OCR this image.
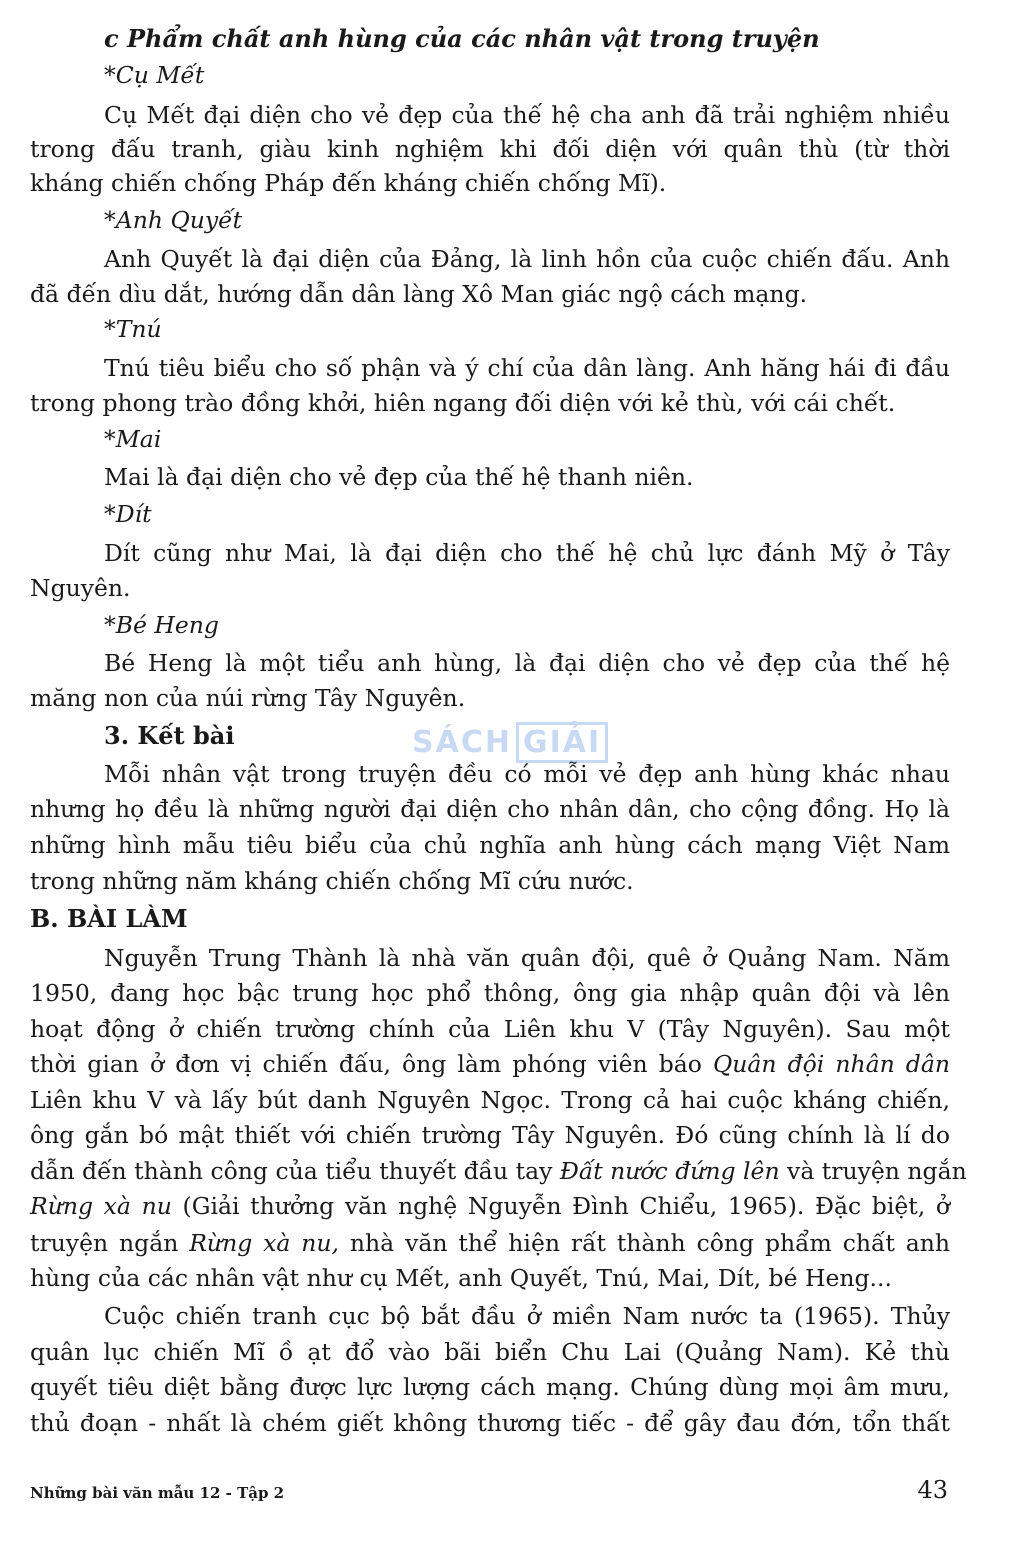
c Phẩm chất anh hùng của các nhân vật trong truyện
*Cụ Mết
Cụ Mết đại diện cho vẻ đẹp của thế hệ cha anh đã trải nghiệm nhiều
trong đấu tranh, giàu kinh nghiệm khi đối diện với quân thù (từ thời
kháng chiến chống Pháp đến kháng chiến chống Mĩ).
*Anh Quyết
Anh Quyết là đại diện của Đảng, là linh hồn của cuộc chiến đấu. Anh
đã đến dìu dắt, hướng dẫn dân làng Xô Man giác ngộ cách mạng.
*Tnú
Tnú tiêu biểu cho số phận và ý chí của dân làng. Anh hăng hái đi đầu
trong phong trào đồng khởi, hiên ngang đối diện với kẻ thù, với cái chết.
*Mai
Mai là đại diện cho vẻ đẹp của thế hệ thanh niên.
*Dít
Dít cũng như Mai, là đại diện cho thế hệ chủ lực đánh Mỹ ở Tây
Nguyên.
*Bé Heng
Bé Heng là một tiểu anh hùng, là đại diện cho vẻ đẹp của thế hệ
măng non của núi rừng Tây Nguyên.
3. Kết bài
Mỗi nhân vật trong truyện đều có mỗi vẻ đẹp anh hùng khác nhau
nhưng họ đều là những người đại diện cho nhân dân, cho cộng đồng. Họ là
những hình mẫu tiêu biểu của chủ nghĩa anh hùng cách mạng Việt Nam
trong những năm kháng chiến chống Mĩ cứu nước.
SÁCH GIẢI
B. BÀI LÀM
Nguyễn Trung Thành là nhà văn quân đội, quê ở Quảng Nam. Năm
1950, đang học bậc trung học phổ thông, ông gia nhập quân đội và lên
hoạt động ở chiến trường chính của Liên khu V (Tây Nguyên). Sau một
thời gian ở đơn vị chiến đấu, ông làm phóng viên báo Quân đội nhân dân
Liên khu V và lấy bút danh Nguyên Ngọc. Trong cả hai cuộc kháng chiến,
ông gắn bó mật thiết với chiến trường Tây Nguyên. Đó cũng chính là lí do
dẫn đến thành công của tiểu thuyết đầu tay Đất nước đứng lên và truyện ngắn
Rừng xà nu (Giải thưởng văn nghệ Nguyễn Đình Chiểu, 1965). Đặc biệt, ở
truyện ngắn Rừng xà nu, nhà văn thể hiện rất thành công phẩm chất anh
hùng của các nhân vật như cụ Mết, anh Quyết, Tnú, Mai, Dít, bé Heng...
Cuộc chiến tranh cục bộ bắt đầu ở miền Nam nước ta (1965). Thủy
quân lục chiến Mĩ ồ ạt đổ vào bãi biển Chu Lai (Quảng Nam). Kẻ thù
quyết tiêu diệt bằng được lực lượng cách mạng. Chúng dùng mọi âm mưu,
thủ đoạn - nhất là chém giết không thương tiếc - để gây đau đớn, tổn thất
Những bài văn mẫu 12 - Tập 2	43
